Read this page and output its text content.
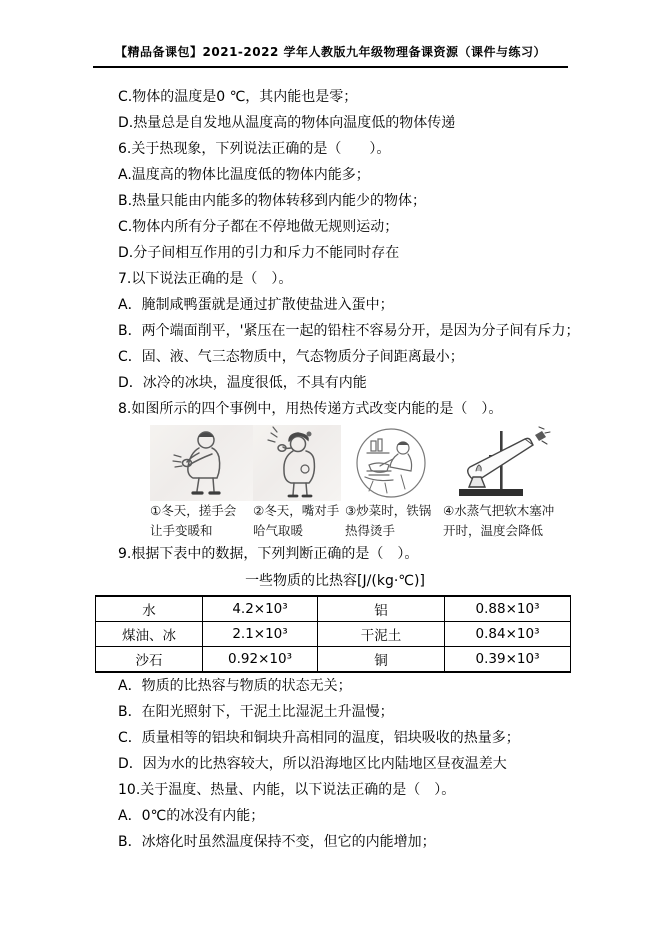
【精品备课包】2021-2022 学年人教版九年级物理备课资源（课件与练习）

C.物体的温度是0 ℃，其内能也是零；

D.热量总是自发地从温度高的物体向温度低的物体传递

6.关于热现象，下列说法正确的是（　　）。

A.温度高的物体比温度低的物体内能多；

B.热量只能由内能多的物体转移到内能少的物体；

C.物体内所有分子都在不停地做无规则运动；

D.分子间相互作用的引力和斥力不能同时存在

7.以下说法正确的是（　）。

A．腌制咸鸭蛋就是通过扩散使盐进入蛋中；

B．两个端面削平，'紧压在一起的铅柱不容易分开，是因为分子间有斥力；

C．固、液、气三态物质中，气态物质分子间距离最小；

D．冰冷的冰块，温度很低，不具有内能

8.如图所示的四个事例中，用热传递方式改变内能的是（　）。

①冬天，搓手会
让手变暖和
②冬天，嘴对手
哈气取暖
③炒菜时，铁锅
热得烫手
④水蒸气把软木塞冲
开时，温度会降低

9.根据下表中的数据，下列判断正确的是（　）。

一些物质的比热容[J/(kg·℃)]
水	4.2×10³	铝	0.88×10³
煤油、冰	2.1×10³	干泥土	0.84×10³
沙石	0.92×10³	铜	0.39×10³

A．物质的比热容与物质的状态无关；

B．在阳光照射下，干泥土比湿泥土升温慢；

C．质量相等的铝块和铜块升高相同的温度，铝块吸收的热量多；

D．因为水的比热容较大，所以沿海地区比内陆地区昼夜温差大

10.关于温度、热量、内能，以下说法正确的是（　）。

A．0℃的冰没有内能；

B．冰熔化时虽然温度保持不变，但它的内能增加；
